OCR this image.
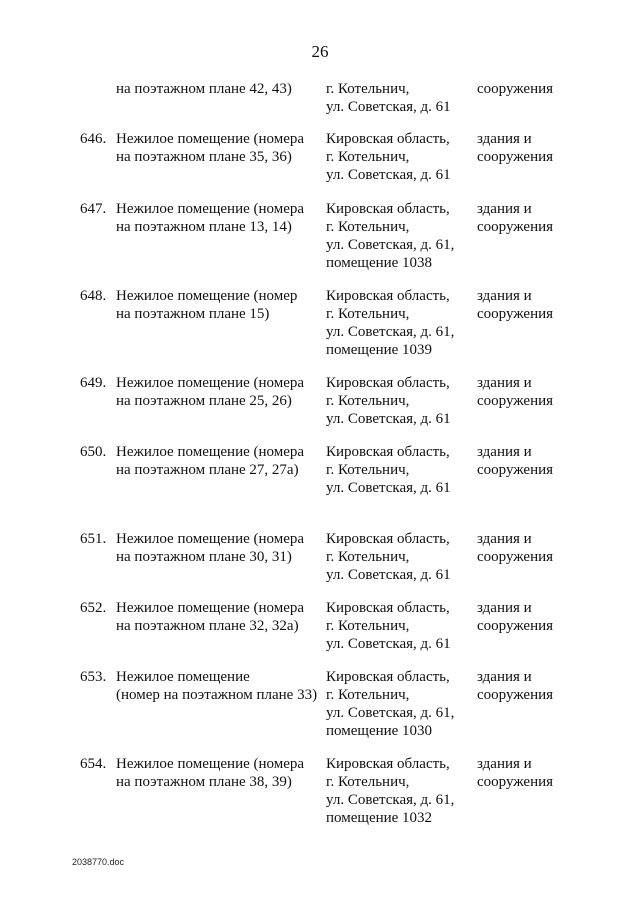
26
на поэтажном плане 42, 43)	г. Котельнич,
ул. Советская, д. 61
сооружения
646. Нежилое помещение (номера
на поэтажном плане 35, 36)
Кировская область,
г. Котельнич,
ул. Советская, д. 61
здания и
сооружения
647. Нежилое помещение (номера
на поэтажном плане 13, 14)
Кировская область,
г. Котельнич,
ул. Советская, д. 61,
помещение 1038
здания и
сооружения
648. Нежилое помещение (номер
на поэтажном плане 15)
Кировская область,
г. Котельнич,
ул. Советская, д. 61,
помещение 1039
здания и
сооружения
649. Нежилое помещение (номера
на поэтажном плане 25, 26)
Кировская область,
г. Котельнич,
ул. Советская, д. 61
здания и
сооружения
650. Нежилое помещение (номера
на поэтажном плане 27, 27а)
Кировская область,
г. Котельнич,
ул. Советская, д. 61
здания и
сооружения
651. Нежилое помещение (номера
на поэтажном плане 30, 31)
Кировская область,
г. Котельнич,
ул. Советская, д. 61
здания и
сооружения
652. Нежилое помещение (номера
на поэтажном плане 32, 32а)
Кировская область,
г. Котельнич,
ул. Советская, д. 61
здания и
сооружения
653. Нежилое помещение
(номер на поэтажном плане 33)
Кировская область,
г. Котельнич,
ул. Советская, д. 61,
помещение 1030
здания и
сооружения
654. Нежилое помещение (номера
на поэтажном плане 38, 39)
Кировская область,
г. Котельнич,
ул. Советская, д. 61,
помещение 1032
здания и
сооружения
2038770.doc
